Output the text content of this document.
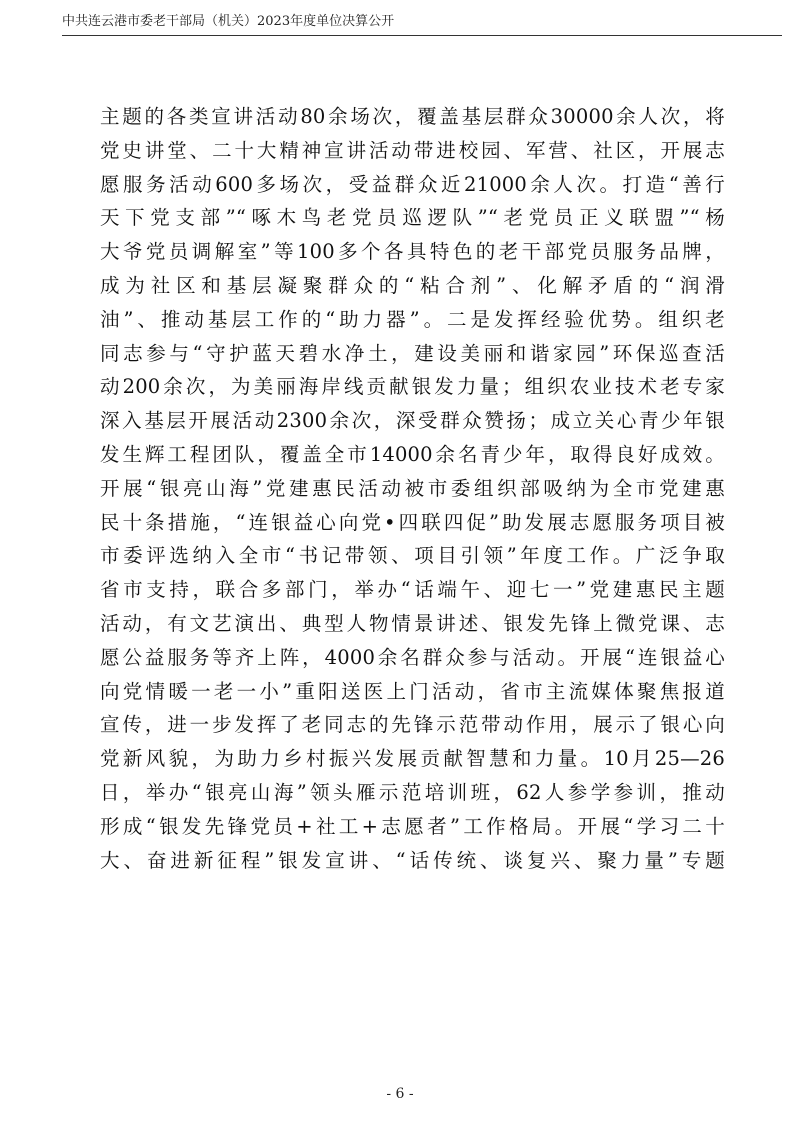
中共连云港市委老干部局（机关）2023年度单位决算公开
主题的各类宣讲活动80余场次，覆盖基层群众30000余人次，将
党史讲堂、二十大精神宣讲活动带进校园、军营、社区，开展志
愿服务活动600多场次，受益群众近21000余人次。打造“善行
天下党支部”“啄木鸟老党员巡逻队”“老党员正义联盟”“杨
大爷党员调解室”等100多个各具特色的老干部党员服务品牌，
成为社区和基层凝聚群众的“粘合剂”、化解矛盾的“润滑
油”、推动基层工作的“助力器”。二是发挥经验优势。组织老
同志参与“守护蓝天碧水净土，建设美丽和谐家园”环保巡查活
动200余次，为美丽海岸线贡献银发力量；组织农业技术老专家
深入基层开展活动2300余次，深受群众赞扬；成立关心青少年银
发生辉工程团队，覆盖全市14000余名青少年，取得良好成效。
开展“银亮山海”党建惠民活动被市委组织部吸纳为全市党建惠
民十条措施，“连银益心向党•四联四促”助发展志愿服务项目被
市委评选纳入全市“书记带领、项目引领”年度工作。广泛争取
省市支持，联合多部门，举办“话端午、迎七一”党建惠民主题
活动，有文艺演出、典型人物情景讲述、银发先锋上微党课、志
愿公益服务等齐上阵，4000余名群众参与活动。开展“连银益心
向党情暖一老一小”重阳送医上门活动，省市主流媒体聚焦报道
宣传，进一步发挥了老同志的先锋示范带动作用，展示了银心向
党新风貌，为助力乡村振兴发展贡献智慧和力量。10月25—26
日，举办“银亮山海”领头雁示范培训班，62人参学参训，推动
形成“银发先锋党员+社工+志愿者”工作格局。开展“学习二十
大、奋进新征程”银发宣讲、“话传统、谈复兴、聚力量”专题
- 6 -
